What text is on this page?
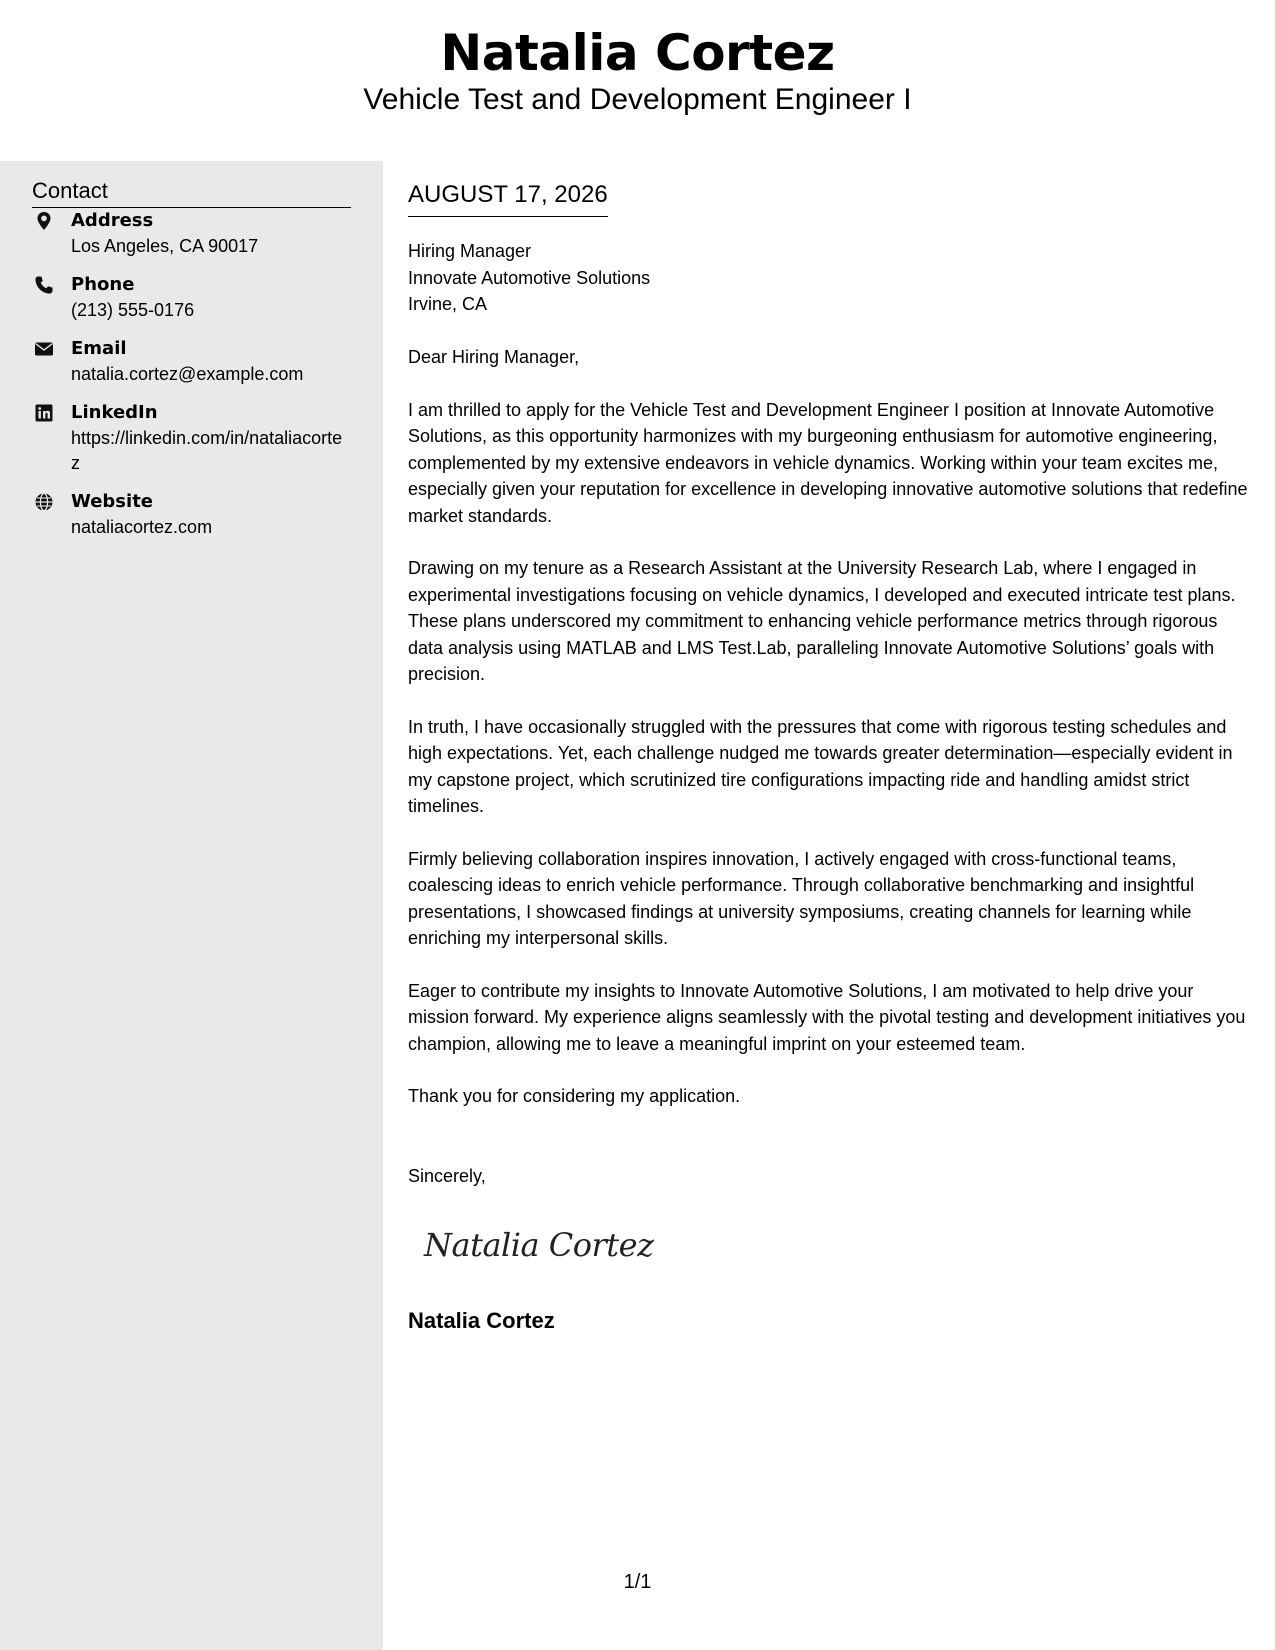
Natalia Cortez
Vehicle Test and Development Engineer I
Contact
Address
Los Angeles, CA 90017
Phone
(213) 555-0176
Email
natalia.cortez@example.com
LinkedIn
https://linkedin.com/in/nataliacortez
Website
nataliacortez.com
AUGUST 17, 2026
Hiring Manager
Innovate Automotive Solutions
Irvine, CA

Dear Hiring Manager,

I am thrilled to apply for the Vehicle Test and Development Engineer I position at Innovate Automotive Solutions, as this opportunity harmonizes with my burgeoning enthusiasm for automotive engineering, complemented by my extensive endeavors in vehicle dynamics. Working within your team excites me, especially given your reputation for excellence in developing innovative automotive solutions that redefine market standards.

Drawing on my tenure as a Research Assistant at the University Research Lab, where I engaged in experimental investigations focusing on vehicle dynamics, I developed and executed intricate test plans. These plans underscored my commitment to enhancing vehicle performance metrics through rigorous data analysis using MATLAB and LMS Test.Lab, paralleling Innovate Automotive Solutions’ goals with precision.

In truth, I have occasionally struggled with the pressures that come with rigorous testing schedules and high expectations. Yet, each challenge nudged me towards greater determination—especially evident in my capstone project, which scrutinized tire configurations impacting ride and handling amidst strict timelines.

Firmly believing collaboration inspires innovation, I actively engaged with cross-functional teams, coalescing ideas to enrich vehicle performance. Through collaborative benchmarking and insightful presentations, I showcased findings at university symposiums, creating channels for learning while enriching my interpersonal skills.

Eager to contribute my insights to Innovate Automotive Solutions, I am motivated to help drive your mission forward. My experience aligns seamlessly with the pivotal testing and development initiatives you champion, allowing me to leave a meaningful imprint on your esteemed team.

Thank you for considering my application.

Sincerely,
Natalia Cortez
Natalia Cortez
1/1
